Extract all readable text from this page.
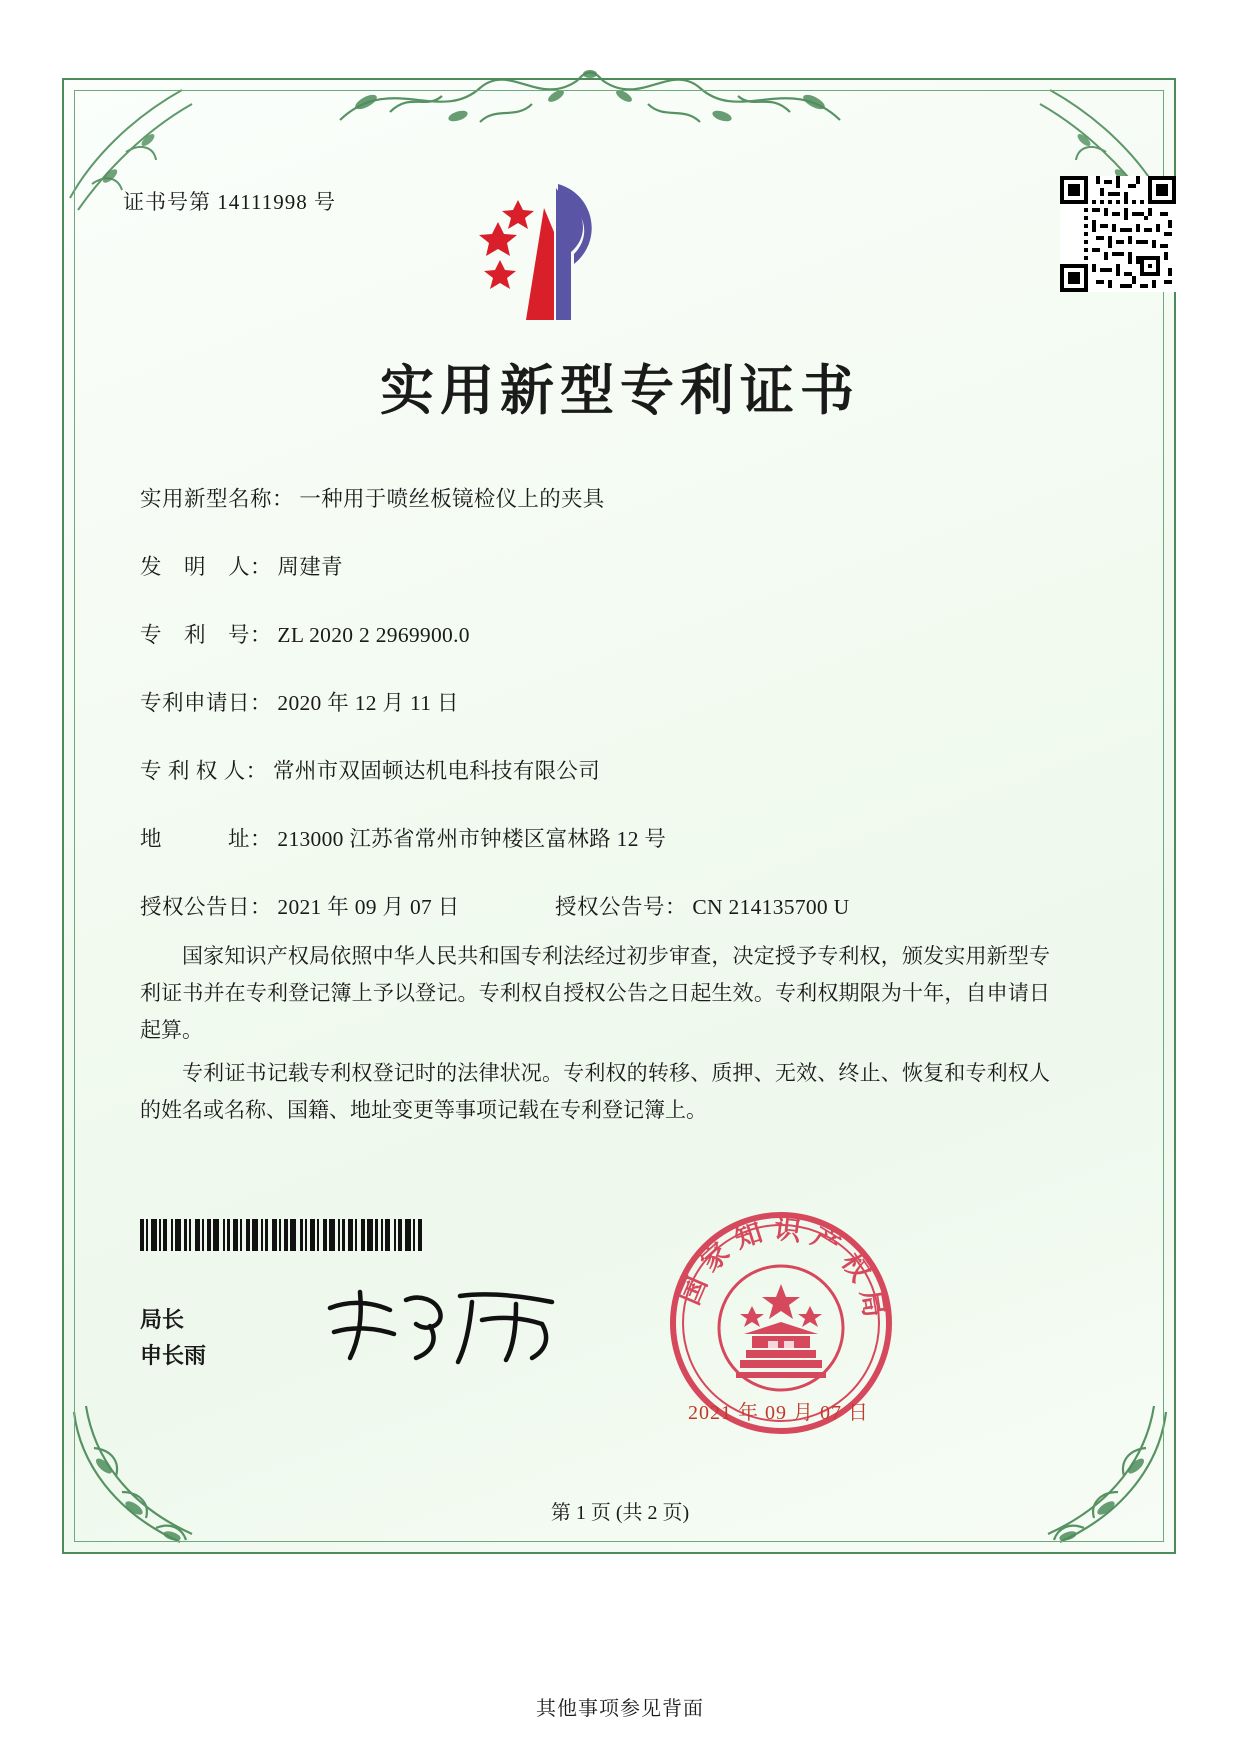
证书号第 14111998 号
实用新型专利证书
实用新型名称： 一种用于喷丝板镜检仪上的夹具
发　明　人： 周建青
专　利　号： ZL 2020 2 2969900.0
专利申请日： 2020 年 12 月 11 日
专 利 权 人： 常州市双固顿达机电科技有限公司
地　　　址： 213000 江苏省常州市钟楼区富林路 12 号
授权公告日： 2021 年 09 月 07 日	授权公告号： CN 214135700 U

国家知识产权局依照中华人民共和国专利法经过初步审查，决定授予专利权，颁发实用新型专利证书并在专利登记簿上予以登记。专利权自授权公告之日起生效。专利权期限为十年，自申请日起算。

专利证书记载专利权登记时的法律状况。专利权的转移、质押、无效、终止、恢复和专利权人的姓名或名称、国籍、地址变更等事项记载在专利登记簿上。

局长
申长雨
国家知识产权局
2021 年 09 月 07 日
第 1 页 (共 2 页)
其他事项参见背面
